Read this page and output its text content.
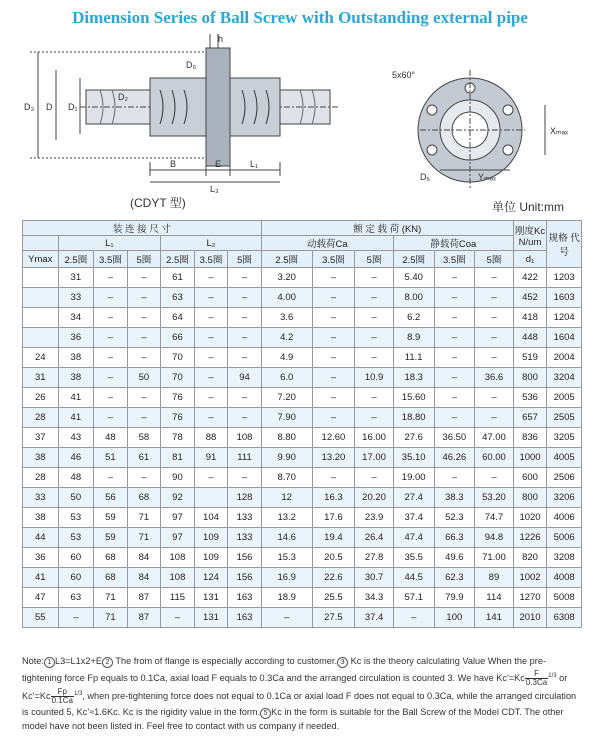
Dimension Series of Ball Screw with Outstanding external pipe
D₃ D D₁
D₂
h
D₆
B	E	L₁
L₃
5x60°
D₅
Xₘₐₓ
Yₘₐₓ
(CDYT 型)	单位 Unit:mm
装 连 接 尺 寸							额 定 载 荷 (KN)						刚度Kc N/um	规格 代号
	L₁			L₂			动载荷Ca			静载荷Coa				
Ymax	2.5圈	3.5圈	5圈	2.5圈	3.5圈	5圈	2.5圈	3.5圈	5圈	2.5圈	3.5圈	5圈	d₁	
	31	–	–	61	–	–	3.20	–	–	5.40	–	–	422	1203
	33	–	–	63	–	–	4.00	–	–	8.00	–	–	452	1603
	34	–	–	64	–	–	3.6	–	–	6.2	–	–	418	1204
	36	–	–	66	–	–	4.2	–	–	8.9	–	–	448	1604
24	38	–	–	70	–	–	4.9	–	–	11.1	–	–	519	2004
31	38	–	50	70	–	94	6.0	–	10.9	18.3	–	36.6	800	3204
26	41	–	–	76	–	–	7.20	–	–	15.60	–	–	536	2005
28	41	–	–	76	–	–	7.90	–	–	18.80	–	–	657	2505
37	43	48	58	78	88	108	8.80	12.60	16.00	27.6	36.50	47.00	836	3205
38	46	51	61	81	91	111	9.90	13.20	17.00	35.10	46.26	60.00	1000	4005
28	48	–	–	90	–	–	8.70	–	–	19.00	–	–	600	2506
33	50	56	68	92		128	12	16.3	20.20	27.4	38.3	53.20	800	3206
38	53	59	71	97	104	133	13.2	17.6	23.9	37.4	52.3	74.7	1020	4006
44	53	59	71	97	109	133	14.6	19.4	26.4	47.4	66.3	94.8	1226	5006
36	60	68	84	108	109	156	15.3	20.5	27.8	35.5	49.6	71.00	820	3208
41	60	68	84	108	124	156	16.9	22.6	30.7	44.5	62.3	89	1002	4008
47	63	71	87	115	131	163	18.9	25.5	34.3	57.1	79.9	114	1270	5008
55	–	71	87	–	131	163	–	27.5	37.4	–	100	141	2010	6308
Note: 1 L3=L1x2+E 2 The from of flange is especially according to customer. 3 Kc is the theory calculating Value When the pre-tightening force Fp equals to 0.1Ca, axial load F equals to 0.3Ca and the arranged circulation is counted 3. We have $Kc'=Kc \frac{F}{0.3Ca} ^{1/3}$ or $Kc'=Kc \frac{Fp}{0.1Ca} ^{1/3}$, when pre-tightening force does not equal to 0.1Ca or axial load F does not equal to 0.3Ca, while the arranged circulation is counted 5, Kc'≈1.6Kc. Kc is the rigidity value in the form. 5 Kc in the form is suitable for the Ball Screw of the Model CDT. The other model have not been listed in. Feel free to contact with us company if needed.
